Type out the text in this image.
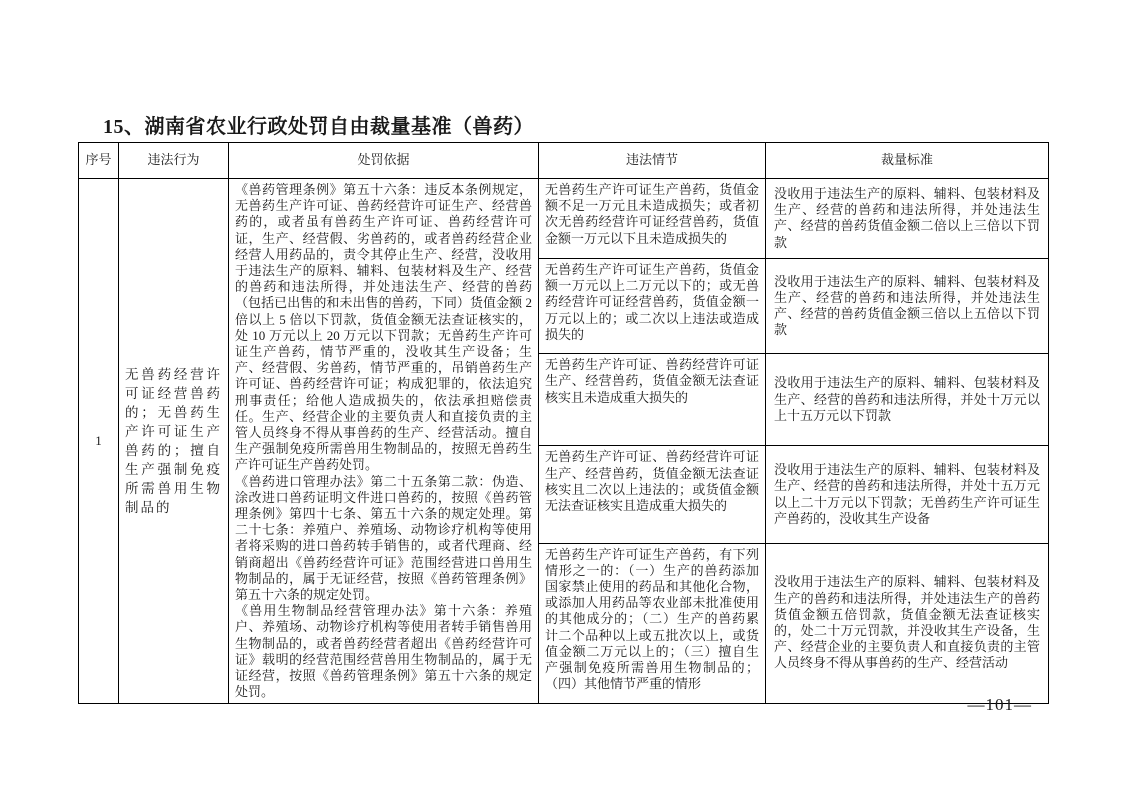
15、湖南省农业行政处罚自由裁量基准（兽药）
序号	违法行为	处罚依据	违法情节	裁量标准
1	无兽药经营许可证经营兽药的；无兽药生产许可证生产兽药的；擅自生产强制免疫所需兽用生物制品的	《兽药管理条例》第五十六条：违反本条例规定，无兽药生产许可证、兽药经营许可证生产、经营兽药的，或者虽有兽药生产许可证、兽药经营许可证，生产、经营假、劣兽药的，或者兽药经营企业经营人用药品的，责令其停止生产、经营，没收用于违法生产的原料、辅料、包装材料及生产、经营的兽药和违法所得，并处违法生产、经营的兽药（包括已出售的和未出售的兽药，下同）货值金额 2 倍以上 5 倍以下罚款，货值金额无法查证核实的，处 10 万元以上 20 万元以下罚款；无兽药生产许可证生产兽药，情节严重的，没收其生产设备；生产、经营假、劣兽药，情节严重的，吊销兽药生产许可证、兽药经营许可证；构成犯罪的，依法追究刑事责任；给他人造成损失的，依法承担赔偿责任。生产、经营企业的主要负责人和直接负责的主管人员终身不得从事兽药的生产、经营活动。擅自生产强制免疫所需兽用生物制品的，按照无兽药生产许可证生产兽药处罚。

《兽药进口管理办法》第二十五条第二款：伪造、涂改进口兽药证明文件进口兽药的，按照《兽药管理条例》第四十七条、第五十六条的规定处理。第二十七条：养殖户、养殖场、动物诊疗机构等使用者将采购的进口兽药转手销售的，或者代理商、经销商超出《兽药经营许可证》范围经营进口兽用生物制品的，属于无证经营，按照《兽药管理条例》第五十六条的规定处罚。

《兽用生物制品经营管理办法》第十六条：养殖户、养殖场、动物诊疗机构等使用者转手销售兽用生物制品的，或者兽药经营者超出《兽药经营许可证》载明的经营范围经营兽用生物制品的，属于无证经营，按照《兽药管理条例》第五十六条的规定处罚。	无兽药生产许可证生产兽药，货值金额不足一万元且未造成损失；或者初次无兽药经营许可证经营兽药，货值金额一万元以下且未造成损失的	没收用于违法生产的原料、辅料、包装材料及生产、经营的兽药和违法所得，并处违法生产、经营的兽药货值金额二倍以上三倍以下罚款
			无兽药生产许可证生产兽药，货值金额一万元以上二万元以下的；或无兽药经营许可证经营兽药，货值金额一万元以上的；或二次以上违法或造成损失的	没收用于违法生产的原料、辅料、包装材料及生产、经营的兽药和违法所得，并处违法生产、经营的兽药货值金额三倍以上五倍以下罚款
			无兽药生产许可证、兽药经营许可证生产、经营兽药，货值金额无法查证核实且未造成重大损失的	没收用于违法生产的原料、辅料、包装材料及生产、经营的兽药和违法所得，并处十万元以上十五万元以下罚款
			无兽药生产许可证、兽药经营许可证生产、经营兽药，货值金额无法查证核实且二次以上违法的；或货值金额无法查证核实且造成重大损失的	没收用于违法生产的原料、辅料、包装材料及生产、经营的兽药和违法所得，并处十五万元以上二十万元以下罚款；无兽药生产许可证生产兽药的，没收其生产设备
			无兽药生产许可证生产兽药，有下列情形之一的：（一）生产的兽药添加国家禁止使用的药品和其他化合物，或添加人用药品等农业部未批准使用的其他成分的；（二）生产的兽药累计二个品种以上或五批次以上，或货值金额二万元以上的；（三）擅自生产强制免疫所需兽用生物制品的；（四）其他情节严重的情形	没收用于违法生产的原料、辅料、包装材料及生产的兽药和违法所得，并处违法生产的兽药货值金额五倍罚款，货值金额无法查证核实的，处二十万元罚款，并没收其生产设备，生产、经营企业的主要负责人和直接负责的主管人员终身不得从事兽药的生产、经营活动
—101—
